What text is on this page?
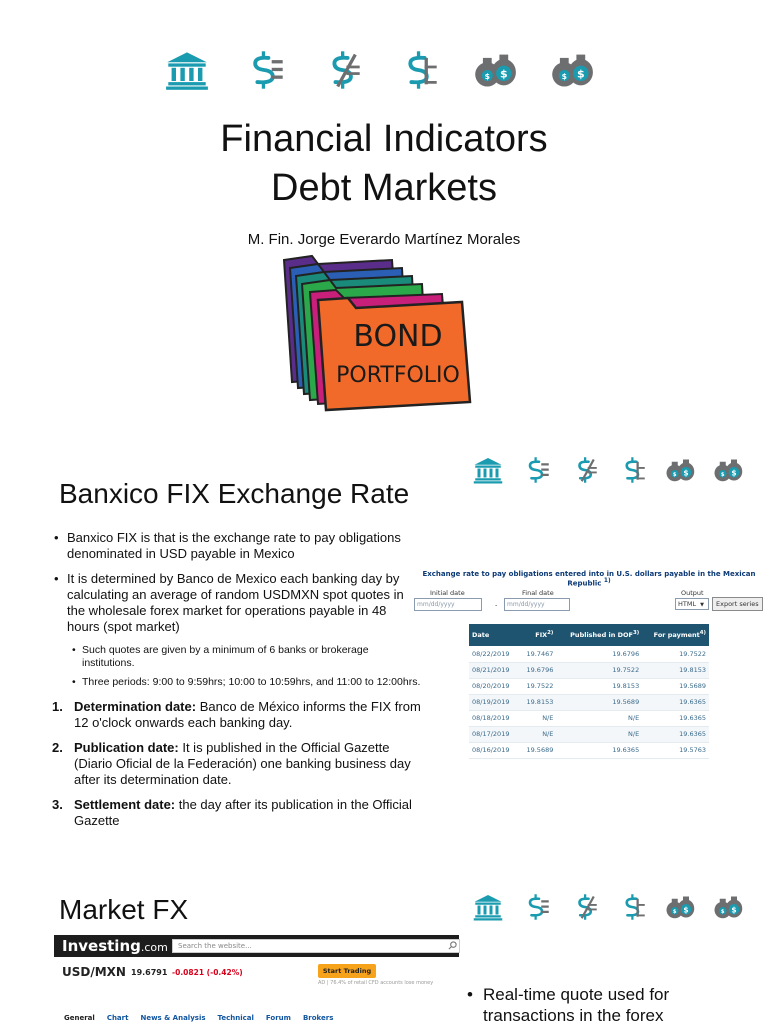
Financial Indicators
Debt Markets
M. Fin. Jorge Everardo Martínez Morales
BOND
PORTFOLIO
Banxico FIX Exchange Rate
• Banxico FIX is that is the exchange rate to pay obligations denominated in USD payable in Mexico
• It is determined by Banco de Mexico each banking day by calculating an average of random USDMXN spot quotes in the wholesale forex market for operations payable in 48 hours (spot market)
• Such quotes are given by a minimum of 6 banks or brokerage institutions.
• Three periods: 9:00 to 9:59hrs; 10:00 to 10:59hrs, and 11:00 to 12:00hrs.
1. Determination date: Banco de México informs the FIX from 12 o'clock onwards each banking day.
2. Publication date: It is published in the Official Gazette (Diario Oficial de la Federación) one banking business day after its determination date.
3. Settlement date: the day after its publication in the Official Gazette
Exchange rate to pay obligations entered into in U.S. dollars payable in the Mexican Republic $^{1)}$
Initial date	Final date	Output
mm/dd/yyyy	-	mm/dd/yyyy	HTML ▼	Export series
Date	FIX$^{2)}$	Published in DOF$^{3)}$	For payment$^{4)}$
08/22/2019	19.7467	19.6796	19.7522
08/21/2019	19.6796	19.7522	19.8153
08/20/2019	19.7522	19.8153	19.5689
08/19/2019	19.8153	19.5689	19.6365
08/18/2019	N/E	N/E	19.6365
08/17/2019	N/E	N/E	19.6365
08/16/2019	19.5689	19.6365	19.5763
Market FX
Investing.com	Search the website...
USD/MXN 19.6791 -0.0821 (-0.42%)	Start Trading
AD | 76.4% of retail CFD accounts lose money
General Chart News & Analysis Technical Forum Brokers
• Real-time quote used for transactions in the forex
